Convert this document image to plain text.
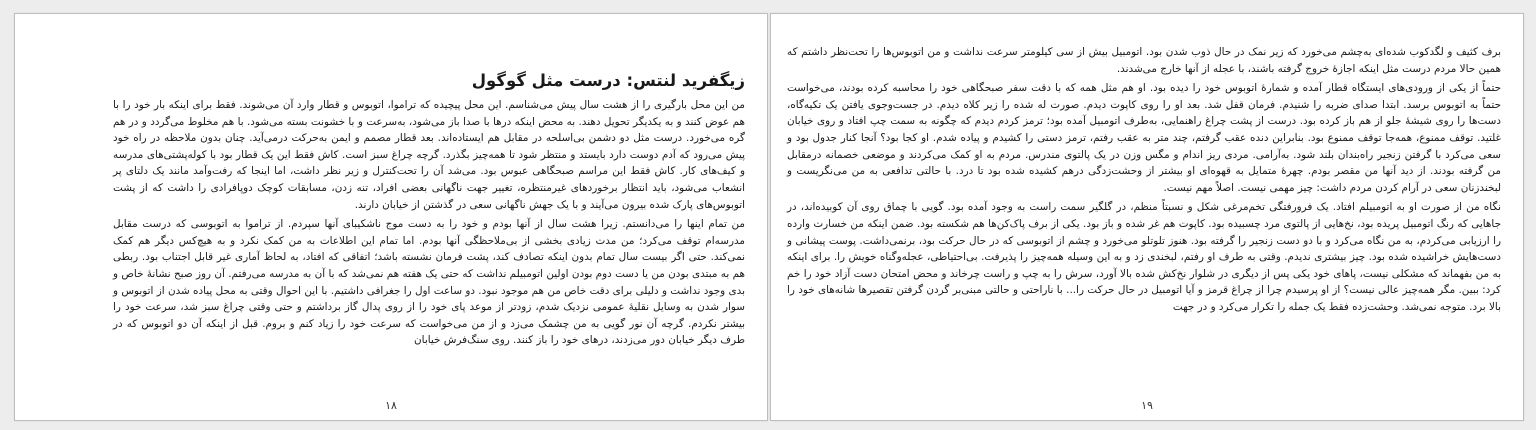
زیگفرید لنتس: درست مثل گوگول

من این محل بارگیری را از هشت سال پیش می‌شناسم. این محل پیچیده که تراموا، اتوبوس و قطار وارد آن می‌شوند. فقط برای اینکه بار خود را با هم عوض کنند و به یکدیگر تحویل دهند. به محض اینکه درها با صدا باز می‌شود، به‌سرعت و با خشونت بسته می‌شود. با هم مخلوط می‌گردد و در هم گره می‌خورد. درست مثل دو دشمن بی‌اسلحه در مقابل هم ایستاده‌اند. بعد قطار مصمم و ایمن به‌حرکت درمی‌آید. چنان بدون ملاحظه در راه خود پیش می‌رود که آدم دوست دارد بایستد و منتظر شود تا همه‌چیز بگذرد. گرچه چراغ سبز است. کاش فقط این یک قطار بود با کوله‌پشتی‌های مدرسه و کیف‌های کار. کاش فقط این مراسم صبحگاهی عبوس بود. می‌شد آن را تحت‌کنترل و زیر نظر داشت، اما اینجا که رفت‌وآمد مانند یک دلتای پر انشعاب می‌شود، باید انتظار برخوردهای غیرمنتظره، تغییر جهت ناگهانی بعضی افراد، تنه زدن، مسابقات کوچک دوپافرادی را داشت که از پشت اتوبوس‌های پارک شده بیرون می‌آیند و با یک جهش ناگهانی سعی در گذشتن از خیابان دارند.

من تمام اینها را می‌دانستم. زیرا هشت سال از آنها بودم و خود را به دست موج ناشکیبای آنها سپردم. از تراموا به اتوبوسی که درست مقابل مدرسه‌ام توقف می‌کرد؛ من مدت زیادی بخشی از بی‌ملاحظگی آنها بودم. اما تمام این اطلاعات به من کمک نکرد و به هیچ‌کس دیگر هم کمک نمی‌کند. حتی اگر بیست سال تمام بدون اینکه تصادف کند، پشت فرمان نشسته باشد؛ اتفاقی که افتاد، به لحاظ آماری غیر قابل اجتناب بود. ربطی هم به مبتدی بودن من یا دست دوم بودن اولین اتومبیلم نداشت که حتی یک هفته هم نمی‌شد که با آن به مدرسه می‌رفتم. آن روز صبح نشانهٔ خاص و بدی وجود نداشت و دلیلی برای دقت خاص من هم موجود نبود. دو ساعت اول را جغرافی داشتیم. با این احوال وقتی به محل پیاده شدن از اتوبوس و سوار شدن به وسایل نقلیهٔ عمومی نزدیک شدم، زودتر از موعد پای خود را از روی پدال گاز برداشتم و حتی وقتی چراغ سبز شد، سرعت خود را بیشتر نکردم. گرچه آن نور گویی به من چشمک می‌زد و از من می‌خواست که سرعت خود را زیاد کنم و بروم. قبل از اینکه آن دو اتوبوس که در طرف دیگر خیابان دور می‌زدند، درهای خود را باز کنند. روی سنگ‌فرش خیابان

۱۸

برف کثیف و لگدکوب شده‌ای به‌چشم می‌خورد که زیر نمک در حال ذوب شدن بود. اتومبیل بیش از سی کیلومتر سرعت نداشت و من اتوبوس‌ها را تحت‌نظر داشتم که همین حالا مردم درست مثل اینکه اجازهٔ خروج گرفته باشند، با عجله از آنها خارج می‌شدند.

حتماً از یکی از ورودی‌های ایستگاه قطار آمده و شمارهٔ اتوبوس خود را دیده بود. او هم مثل همه که با دقت سفر صبحگاهی خود را محاسبه کرده بودند، می‌خواست حتماً به اتوبوس برسد. ابتدا صدای ضربه را شنیدم. فرمان قفل شد. بعد او را روی کاپوت دیدم. صورت له شده را زیر کلاه دیدم. در جست‌وجوی یافتن یک تکیه‌گاه، دست‌ها را روی شیشهٔ جلو از هم باز کرده بود. درست از پشت چراغ راهنمایی، به‌طرف اتومبیل آمده بود؛ ترمز کردم دیدم که چگونه به سمت چپ افتاد و روی خیابان غلتید. توقف ممنوع، همه‌جا توقف ممنوع بود. بنابراین دنده عقب گرفتم، چند متر به عقب رفتم، ترمز دستی را کشیدم و پیاده شدم. او کجا بود؟ آنجا کنار جدول بود و سعی می‌کرد با گرفتن زنجیر راه‌بندان بلند شود. به‌آرامی. مردی ریز اندام و مگس وزن در یک پالتوی مندرس. مردم به او کمک می‌کردند و موضعی خصمانه درمقابل من گرفته بودند. از دید آنها من مقصر بودم. چهرهٔ متمایل به قهوه‌ای او بیشتر از وحشت‌زدگی درهم کشیده شده بود تا درد. با حالتی تدافعی به من می‌نگریست و لبخندزنان سعی در آرام کردن مردم داشت: چیز مهمی نیست. اصلاً مهم نیست.

نگاه من از صورت او به اتومبیلم افتاد. یک فرورفتگی تخم‌مرغی شکل و نسبتاً منظم، در گلگیر سمت راست به وجود آمده بود. گویی با چماق روی آن کوبیده‌اند، در جاهایی که رنگ اتومبیل پریده بود، نخ‌هایی از پالتوی مرد چسبیده بود. کاپوت هم غر شده و باز بود. یکی از برف پاک‌کن‌ها هم شکسته بود. ضمن اینکه من خسارت وارده را ارزیابی می‌کردم، به من نگاه می‌کرد و با دو دست زنجیر را گرفته بود. هنوز تلوتلو می‌خورد و چشم از اتوبوسی که در حال حرکت بود، برنمی‌داشت. پوست پیشانی و دست‌هایش خراشیده شده بود. چیز بیشتری ندیدم. وقتی به طرف او رفتم، لبخندی زد و به این وسیله همه‌چیز را پذیرفت. بی‌احتیاطی، عجله‌وگناه خویش را. برای اینکه به من بفهماند که مشکلی نیست، پاهای خود یکی پس از دیگری در شلوار نخ‌کش شده بالا آورد، سرش را به چپ و راست چرخاند و محض امتحان دست آزاد خود را خم کرد: ببین. مگر همه‌چیز عالی نیست؟ از او پرسیدم چرا از چراغ قرمز و آیا اتومبیل در حال حرکت را... با ناراحتی و حالتی مبنی‌بر گردن گرفتن تقصیرها شانه‌های خود را بالا برد. متوجه نمی‌شد. وحشت‌زده فقط یک جمله را تکرار می‌کرد و در جهت

۱۹
